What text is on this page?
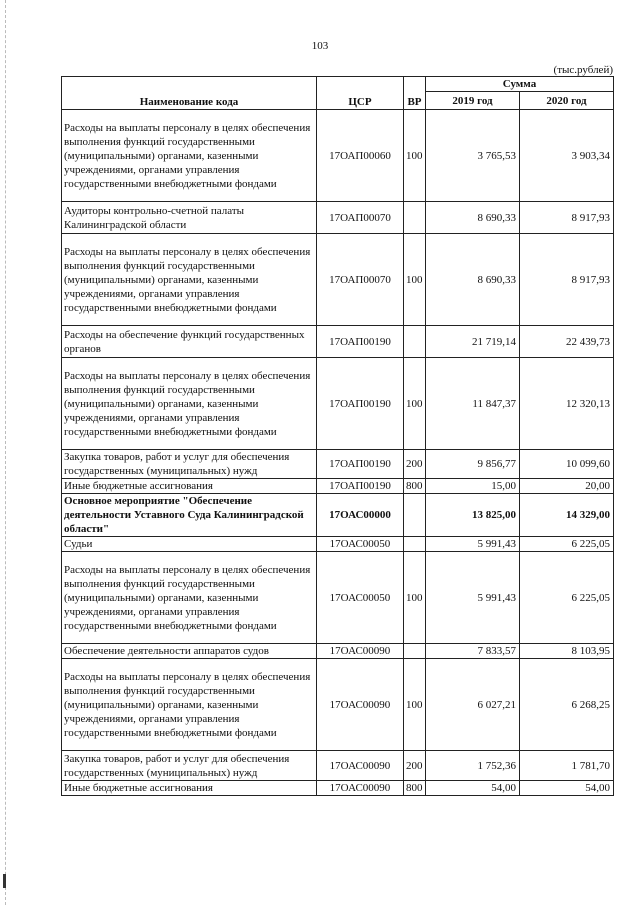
103
(тыс.рублей)
Наименование кода	ЦСР	ВР	Сумма	
			2019 год	2020 год
Расходы на выплаты персоналу в целях обеспечения выполнения функций государственными (муниципальными) органами, казенными учреждениями, органами управления государственными внебюджетными фондами	17ОАП00060	100	3 765,53	3 903,34
Аудиторы контрольно-счетной палаты Калининградской области	17ОАП00070		8 690,33	8 917,93
Расходы на выплаты персоналу в целях обеспечения выполнения функций государственными (муниципальными) органами, казенными учреждениями, органами управления государственными внебюджетными фондами	17ОАП00070	100	8 690,33	8 917,93
Расходы на обеспечение функций государственных органов	17ОАП00190		21 719,14	22 439,73
Расходы на выплаты персоналу в целях обеспечения выполнения функций государственными (муниципальными) органами, казенными учреждениями, органами управления государственными внебюджетными фондами	17ОАП00190	100	11 847,37	12 320,13
Закупка товаров, работ и услуг для обеспечения государственных (муниципальных) нужд	17ОАП00190	200	9 856,77	10 099,60
Иные бюджетные ассигнования	17ОАП00190	800	15,00	20,00
Основное мероприятие "Обеспечение деятельности Уставного Суда Калининградской области"	17ОАС00000		13 825,00	14 329,00
Судьи	17ОАС00050		5 991,43	6 225,05
Расходы на выплаты персоналу в целях обеспечения выполнения функций государственными (муниципальными) органами, казенными учреждениями, органами управления государственными внебюджетными фондами	17ОАС00050	100	5 991,43	6 225,05
Обеспечение деятельности аппаратов судов	17ОАС00090		7 833,57	8 103,95
Расходы на выплаты персоналу в целях обеспечения выполнения функций государственными (муниципальными) органами, казенными учреждениями, органами управления государственными внебюджетными фондами	17ОАС00090	100	6 027,21	6 268,25
Закупка товаров, работ и услуг для обеспечения государственных (муниципальных) нужд	17ОАС00090	200	1 752,36	1 781,70
Иные бюджетные ассигнования	17ОАС00090	800	54,00	54,00
